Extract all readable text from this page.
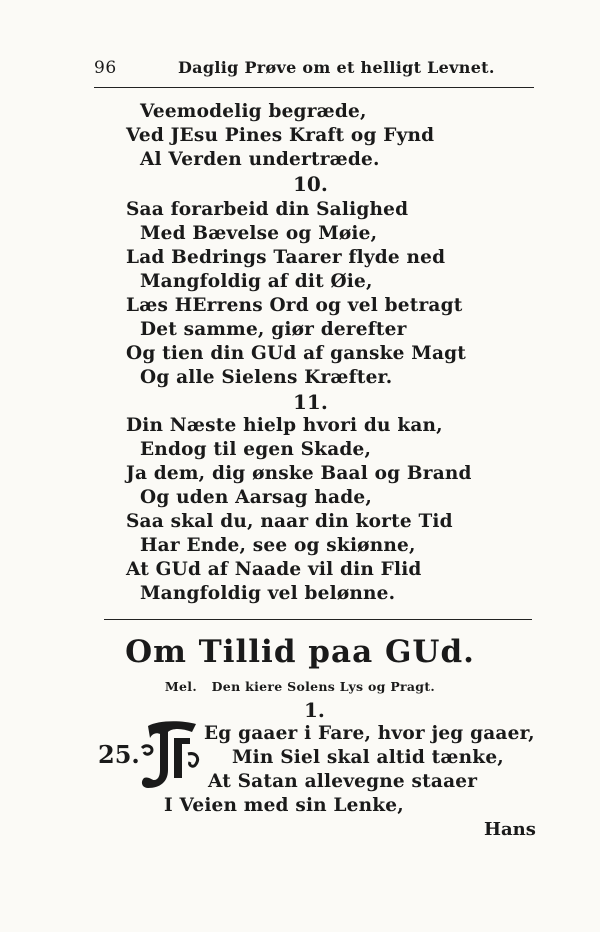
96	Daglig Prøve om et helligt Levnet.
Veemodelig begræde,
Ved JEsu Pines Kraft og Fynd
Al Verden undertræde.
10.
Saa forarbeid din Salighed
Med Bævelse og Møie,
Lad Bedrings Taarer flyde ned
Mangfoldig af dit Øie,
Læs HErrens Ord og vel betragt
Det samme, giør derefter
Og tien din GUd af ganske Magt
Og alle Sielens Kræfter.
11.
Din Næste hielp hvori du kan,
Endog til egen Skade,
Ja dem, dig ønske Baal og Brand
Og uden Aarsag hade,
Saa skal du, naar din korte Tid
Har Ende, see og skiønne,
At GUd af Naade vil din Flid
Mangfoldig vel belønne.
Om Tillid paa GUd.
Mel. Den kiere Solens Lys og Pragt.
1.
25.
Eg gaaer i Fare, hvor jeg gaaer,
Min Siel skal altid tænke,
At Satan allevegne staaer
I Veien med sin Lenke,
Hans
